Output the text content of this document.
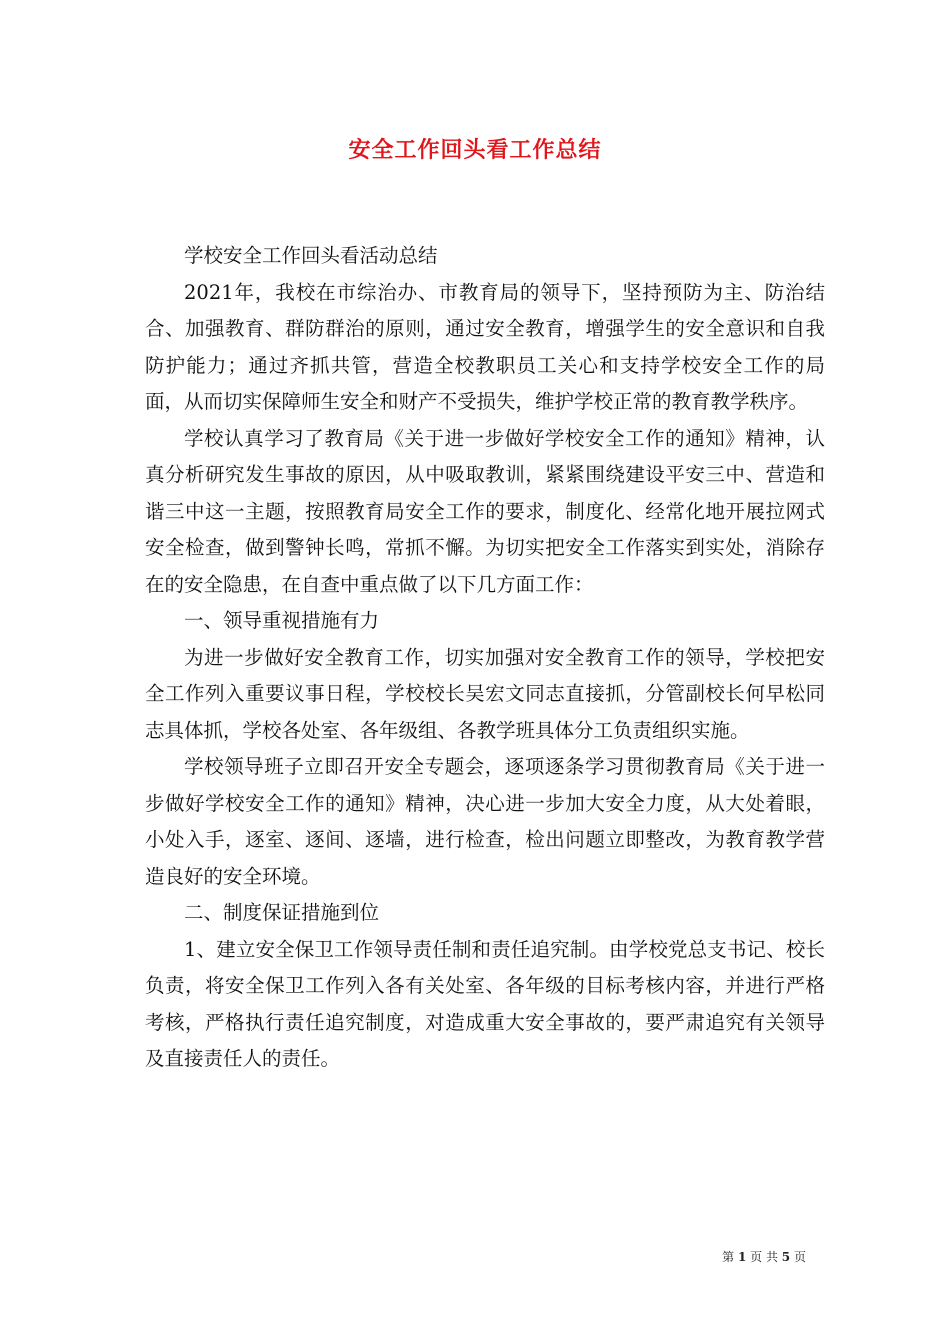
安全工作回头看工作总结

学校安全工作回头看活动总结

2021年，我校在市综治办、市教育局的领导下，坚持预防为主、防治结合、加强教育、群防群治的原则，通过安全教育，增强学生的安全意识和自我防护能力；通过齐抓共管，营造全校教职员工关心和支持学校安全工作的局面，从而切实保障师生安全和财产不受损失，维护学校正常的教育教学秩序。

学校认真学习了教育局《关于进一步做好学校安全工作的通知》精神，认真分析研究发生事故的原因，从中吸取教训，紧紧围绕建设平安三中、营造和谐三中这一主题，按照教育局安全工作的要求，制度化、经常化地开展拉网式安全检查，做到警钟长鸣，常抓不懈。为切实把安全工作落实到实处，消除存在的安全隐患，在自查中重点做了以下几方面工作：

一、领导重视措施有力

为进一步做好安全教育工作，切实加强对安全教育工作的领导，学校把安全工作列入重要议事日程，学校校长吴宏文同志直接抓，分管副校长何早松同志具体抓，学校各处室、各年级组、各教学班具体分工负责组织实施。

学校领导班子立即召开安全专题会，逐项逐条学习贯彻教育局《关于进一步做好学校安全工作的通知》精神，决心进一步加大安全力度，从大处着眼，小处入手，逐室、逐间、逐墙，进行检查，检出问题立即整改，为教育教学营造良好的安全环境。

二、制度保证措施到位

1、建立安全保卫工作领导责任制和责任追究制。由学校党总支书记、校长负责，将安全保卫工作列入各有关处室、各年级的目标考核内容，并进行严格考核，严格执行责任追究制度，对造成重大安全事故的，要严肃追究有关领导及直接责任人的责任。

第 1 页 共 5 页
